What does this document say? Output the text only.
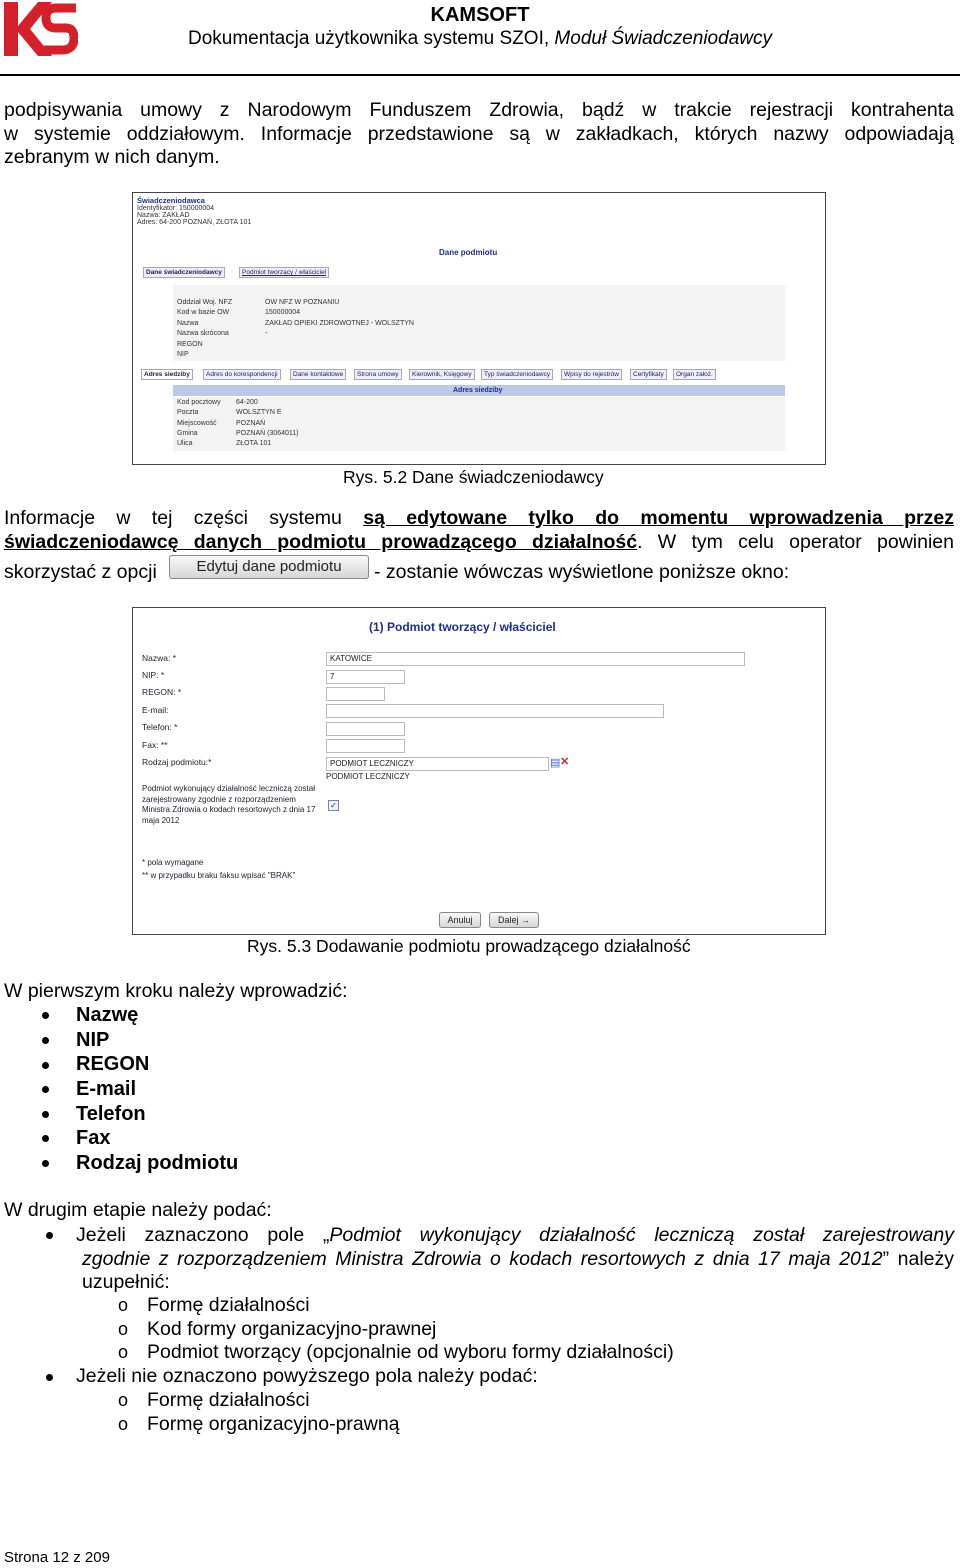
KAMSOFT
Dokumentacja użytkownika systemu SZOI, Moduł Świadczeniodawcy
podpisywania umowy z Narodowym Funduszem Zdrowia, bądź w trakcie rejestracji kontrahenta
w systemie oddziałowym. Informacje przedstawione są w zakładkach, których nazwy odpowiadają
zebranym w nich danym.
Świadczeniodawca
Identyfikator: 150000004
Nazwa: ZAKŁAD
Adres: 64-200 POZNAŃ, ZŁOTA 101
Dane podmiotu
Dane świadczeniodawcy	Podmiot tworzący / właściciel
Oddział Woj. NFZ	OW NFZ W POZNANIU
Kod w bazie OW	150000004
Nazwa	ZAKŁAD OPIEKI ZDROWOTNEJ - WOLSZTYN
Nazwa skrócona	-
REGON
NIP
Adres siedziby	Adres do korespondencji	Dane kontaktowe	Strona umowy	Kierownik, Księgowy	Typ świadczeniodawcy	Wpisy do rejestrów	Certyfikaty	Organ założ.
Adres siedziby
Kod pocztowy 64-200
Poczta	WOLSZTYN E
Miejscowość	POZNAŃ
Gmina	POZNAŃ (3064011)
Ulica	ZŁOTA 101
Rys. 5.2 Dane świadczeniodawcy
Informacje w tej części systemu są edytowane tylko do momentu wprowadzenia przez
świadczeniodawcę danych podmiotu prowadzącego działalność. W tym celu operator powinien
skorzystać z opcji	Edytuj dane podmiotu	- zostanie wówczas wyświetlone poniższe okno:
(1) Podmiot tworzący / właściciel
Nazwa: *	KATOWICE
NIP: *	7
REGON: *
E-mail:
Telefon: *
Fax: **
Rodzaj podmiotu:*	PODMIOT LECZNICZY	▤ ✕
PODMIOT LECZNICZY
Podmiot wykonujący działalność leczniczą został zarejestrowany zgodnie z rozporządzeniem Ministra Zdrowia o kodach resortowych z dnia 17 maja 2012
✓
* pola wymagane
** w przypadku braku faksu wpisać "BRAK"
Anuluj	Dalej →
Rys. 5.3 Dodawanie podmiotu prowadzącego działalność
W pierwszym kroku należy wprowadzić:
Nazwę
NIP
REGON
E-mail
Telefon
Fax
Rodzaj podmiotu
W drugim etapie należy podać:
Jeżeli zaznaczono pole „Podmiot wykonujący działalność leczniczą został zarejestrowany
zgodnie z rozporządzeniem Ministra Zdrowia o kodach resortowych z dnia 17 maja 2012” należy
uzupełnić:
o Formę działalności
o Kod formy organizacyjno-prawnej
o Podmiot tworzący (opcjonalnie od wyboru formy działalności)
Jeżeli nie oznaczono powyższego pola należy podać:
o Formę działalności
o Formę organizacyjno-prawną
Strona 12 z 209
